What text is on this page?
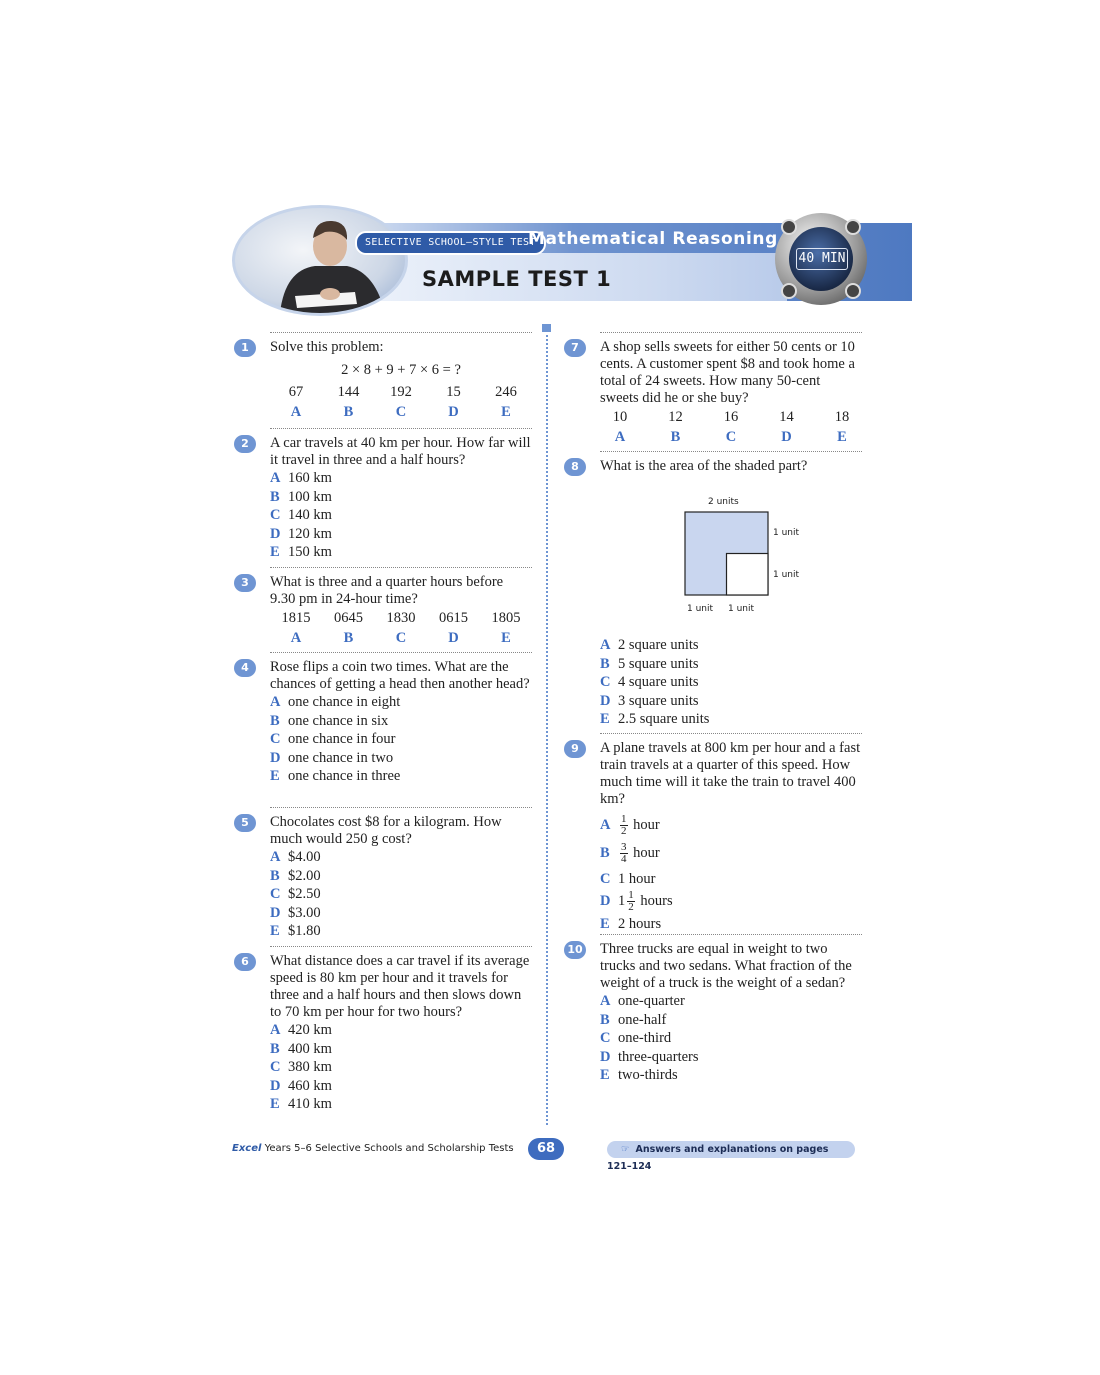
SELECTIVE SCHOOL–STYLE TEST
Mathematical Reasoning
SAMPLE TEST 1
40 MIN
1	Solve this problem:

2 × 8 + 9 + 7 × 6 = ?
67	144	192	15	246
A	B	C	D	E
2	A car travels at 40 km per hour. How far will it travel in three and a half hours?

A 160 km
B 100 km
C 140 km
D 120 km
E 150 km
3	What is three and a quarter hours before 9.30 pm in 24-hour time?

1815	0645	1830	0615	1805
A	B	C	D	E
4	Rose flips a coin two times. What are the chances of getting a head then another head?

A one chance in eight
B one chance in six
C one chance in four
D one chance in two
E one chance in three
5	Chocolates cost $8 for a kilogram. How much would 250 g cost?

A $4.00
B $2.00
C $2.50
D $3.00
E $1.80
6	What distance does a car travel if its average speed is 80 km per hour and it travels for three and a half hours and then slows down to 70 km per hour for two hours?

A 420 km
B 400 km
C 380 km
D 460 km
E 410 km
7	A shop sells sweets for either 50 cents or 10 cents. A customer spent $8 and took home a total of 24 sweets. How many 50-cent sweets did he or she buy?

10	12	16	14	18
A	B	C	D	E
8	What is the area of the shaded part?

2 units
1 unit
1 unit
1 unit 1 unit
A 2 square units
B 5 square units
C 4 square units
D 3 square units
E 2.5 square units
9	A plane travels at 800 km per hour and a fast train travels at a quarter of this speed. How much time will it take the train to travel 400 km?

A $\frac{1}{2}$ hour
B $\frac{3}{4}$ hour
C 1 hour
D $1 \frac{1}{2}$ hours
E 2 hours
10 Three trucks are equal in weight to two trucks and two sedans. What fraction of the weight of a truck is the weight of a sedan?

A one-quarter
B one-half
C one-third
D three-quarters
E two-thirds
Excel Years 5–6 Selective Schools and Scholarship Tests	68	☞ Answers and explanations on pages 121–124
